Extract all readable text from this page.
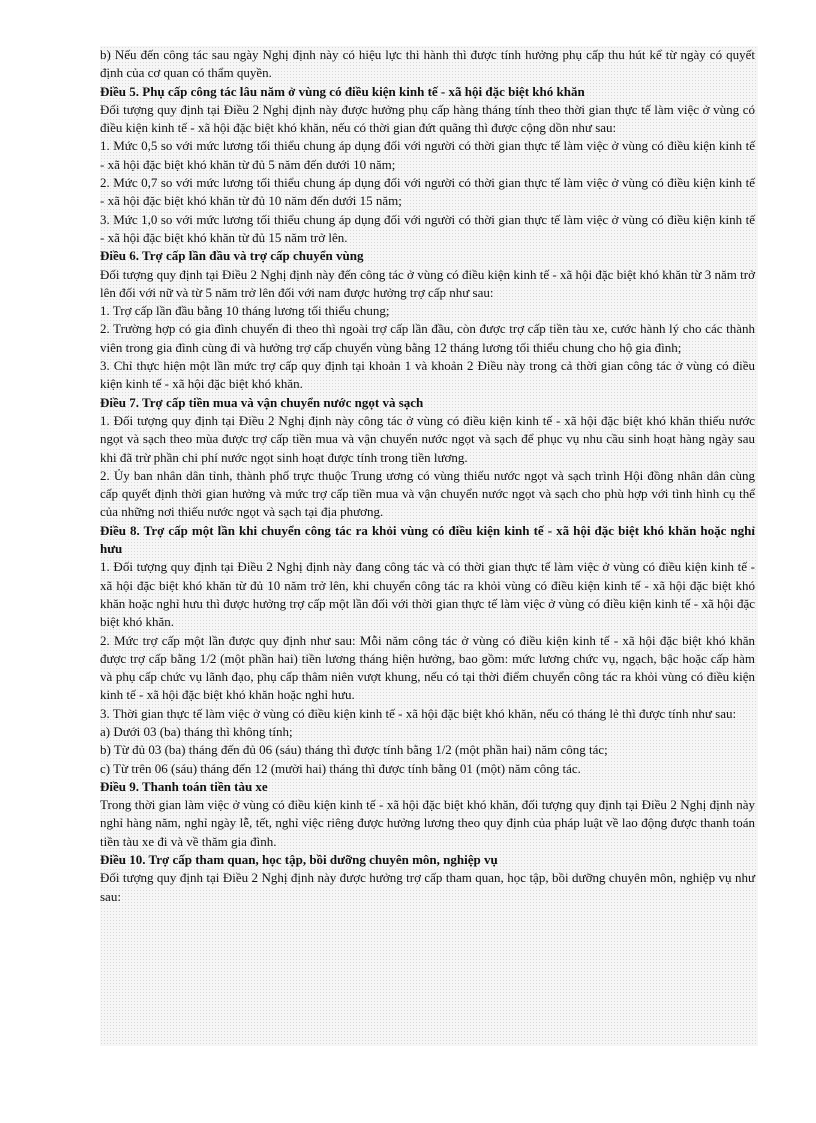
b) Nếu đến công tác sau ngày Nghị định này có hiệu lực thi hành thì được tính hưởng phụ cấp thu hút kể từ ngày có quyết định của cơ quan có thẩm quyền.

Điều 5. Phụ cấp công tác lâu năm ở vùng có điều kiện kinh tế - xã hội đặc biệt khó khăn

Đối tượng quy định tại Điều 2 Nghị định này được hưởng phụ cấp hàng tháng tính theo thời gian thực tế làm việc ở vùng có điều kiện kinh tế - xã hội đặc biệt khó khăn, nếu có thời gian đứt quãng thì được cộng dồn như sau:

1. Mức 0,5 so với mức lương tối thiểu chung áp dụng đối với người có thời gian thực tế làm việc ở vùng có điều kiện kinh tế - xã hội đặc biệt khó khăn từ đủ 5 năm đến dưới 10 năm;

2. Mức 0,7 so với mức lương tối thiểu chung áp dụng đối với người có thời gian thực tế làm việc ở vùng có điều kiện kinh tế - xã hội đặc biệt khó khăn từ đủ 10 năm đến dưới 15 năm;

3. Mức 1,0 so với mức lương tối thiểu chung áp dụng đối với người có thời gian thực tế làm việc ở vùng có điều kiện kinh tế - xã hội đặc biệt khó khăn từ đủ 15 năm trở lên.

Điều 6. Trợ cấp lần đầu và trợ cấp chuyển vùng

Đối tượng quy định tại Điều 2 Nghị định này đến công tác ở vùng có điều kiện kinh tế - xã hội đặc biệt khó khăn từ 3 năm trở lên đối với nữ và từ 5 năm trở lên đối với nam được hưởng trợ cấp như sau:

1. Trợ cấp lần đầu bằng 10 tháng lương tối thiểu chung;

2. Trường hợp có gia đình chuyển đi theo thì ngoài trợ cấp lần đầu, còn được trợ cấp tiền tàu xe, cước hành lý cho các thành viên trong gia đình cùng đi và hưởng trợ cấp chuyển vùng bằng 12 tháng lương tối thiểu chung cho hộ gia đình;

3. Chỉ thực hiện một lần mức trợ cấp quy định tại khoản 1 và khoản 2 Điều này trong cả thời gian công tác ở vùng có điều kiện kinh tế - xã hội đặc biệt khó khăn.

Điều 7. Trợ cấp tiền mua và vận chuyển nước ngọt và sạch

1. Đối tượng quy định tại Điều 2 Nghị định này công tác ở vùng có điều kiện kinh tế - xã hội đặc biệt khó khăn thiếu nước ngọt và sạch theo mùa được trợ cấp tiền mua và vận chuyển nước ngọt và sạch để phục vụ nhu cầu sinh hoạt hàng ngày sau khi đã trừ phần chi phí nước ngọt sinh hoạt được tính trong tiền lương.

2. Ủy ban nhân dân tỉnh, thành phố trực thuộc Trung ương có vùng thiếu nước ngọt và sạch trình Hội đồng nhân dân cùng cấp quyết định thời gian hưởng và mức trợ cấp tiền mua và vận chuyển nước ngọt và sạch cho phù hợp với tình hình cụ thể của những nơi thiếu nước ngọt và sạch tại địa phương.

Điều 8. Trợ cấp một lần khi chuyển công tác ra khỏi vùng có điều kiện kinh tế - xã hội đặc biệt khó khăn hoặc nghỉ hưu

1. Đối tượng quy định tại Điều 2 Nghị định này đang công tác và có thời gian thực tế làm việc ở vùng có điều kiện kinh tế - xã hội đặc biệt khó khăn từ đủ 10 năm trở lên, khi chuyển công tác ra khỏi vùng có điều kiện kinh tế - xã hội đặc biệt khó khăn hoặc nghỉ hưu thì được hưởng trợ cấp một lần đối với thời gian thực tế làm việc ở vùng có điều kiện kinh tế - xã hội đặc biệt khó khăn.

2. Mức trợ cấp một lần được quy định như sau: Mỗi năm công tác ở vùng có điều kiện kinh tế - xã hội đặc biệt khó khăn được trợ cấp bằng 1/2 (một phần hai) tiền lương tháng hiện hưởng, bao gồm: mức lương chức vụ, ngạch, bậc hoặc cấp hàm và phụ cấp chức vụ lãnh đạo, phụ cấp thâm niên vượt khung, nếu có tại thời điểm chuyển công tác ra khỏi vùng có điều kiện kinh tế - xã hội đặc biệt khó khăn hoặc nghỉ hưu.

3. Thời gian thực tế làm việc ở vùng có điều kiện kinh tế - xã hội đặc biệt khó khăn, nếu có tháng lẻ thì được tính như sau:

a) Dưới 03 (ba) tháng thì không tính;

b) Từ đủ 03 (ba) tháng đến đủ 06 (sáu) tháng thì được tính bằng 1/2 (một phần hai) năm công tác;

c) Từ trên 06 (sáu) tháng đến 12 (mười hai) tháng thì được tính bằng 01 (một) năm công tác.

Điều 9. Thanh toán tiền tàu xe

Trong thời gian làm việc ở vùng có điều kiện kinh tế - xã hội đặc biệt khó khăn, đối tượng quy định tại Điều 2 Nghị định này nghỉ hàng năm, nghỉ ngày lễ, tết, nghỉ việc riêng được hưởng lương theo quy định của pháp luật về lao động được thanh toán tiền tàu xe đi và về thăm gia đình.

Điều 10. Trợ cấp tham quan, học tập, bồi dưỡng chuyên môn, nghiệp vụ

Đối tượng quy định tại Điều 2 Nghị định này được hưởng trợ cấp tham quan, học tập, bồi dưỡng chuyên môn, nghiệp vụ như sau:
